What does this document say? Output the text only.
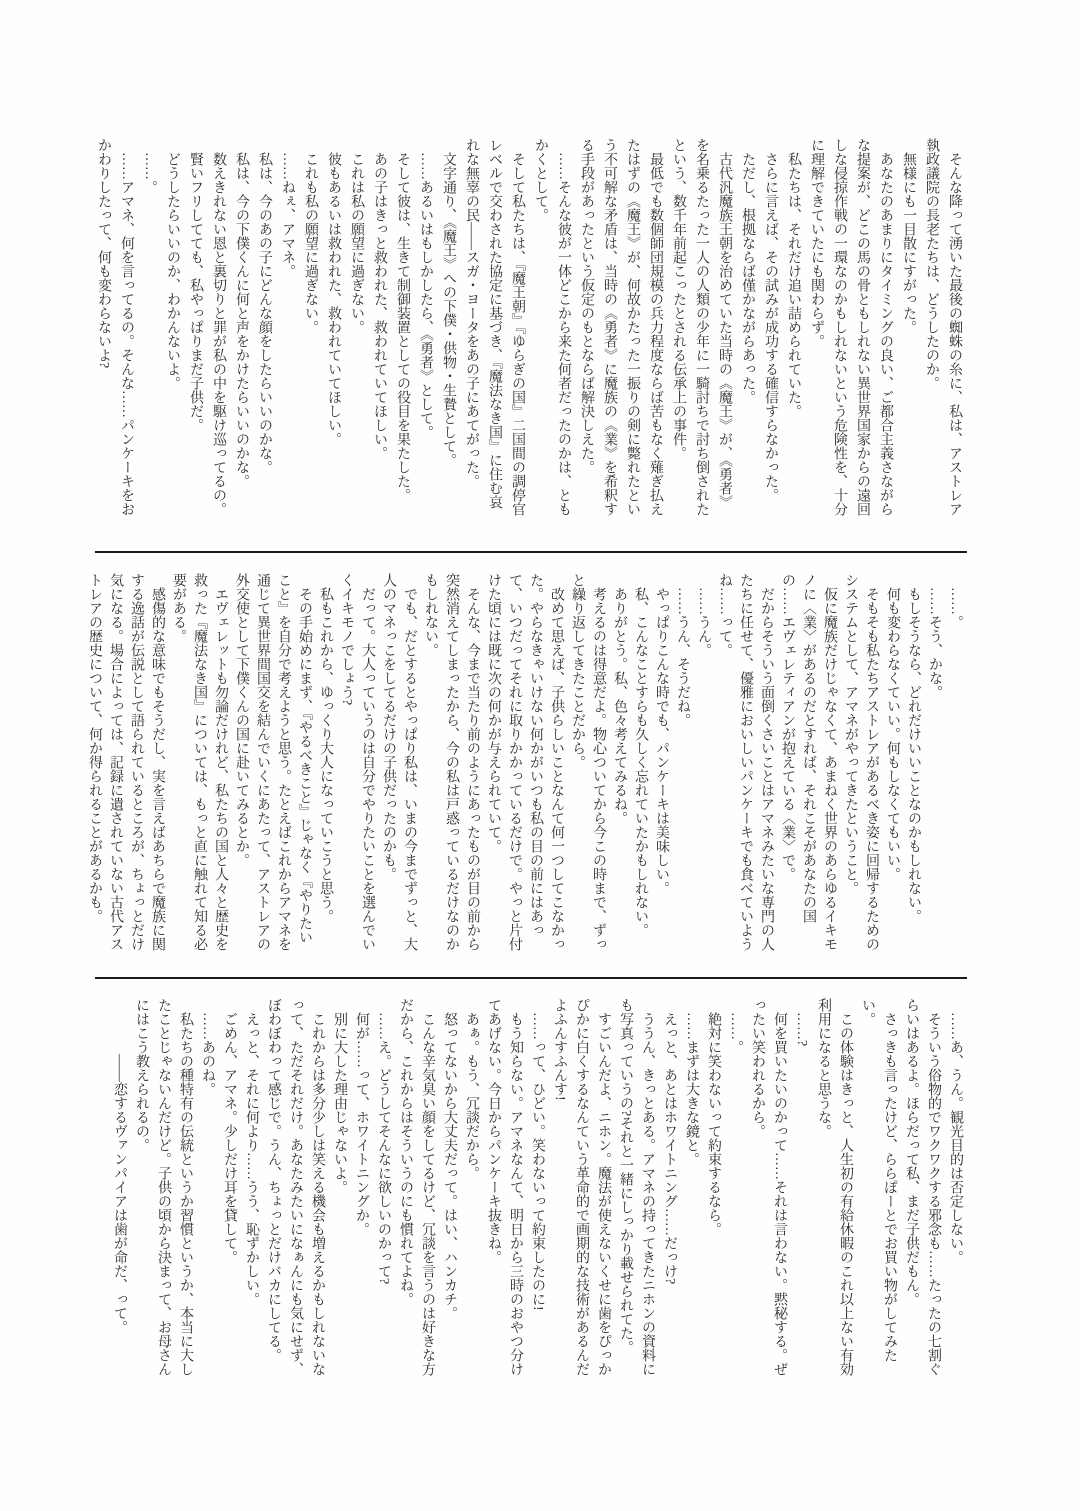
そんな降って湧いた最後の蜘蛛の糸に、私は、アストレア執政議院の長老たちは、どうしたのか。

無様にも一目散にすがった。

あなたのあまりにタイミングの良い、ご都合主義さながらな提案が、どこの馬の骨ともしれない異世界国家からの遠回しな侵掠作戦の一環なのかもしれないという危険性を、十分に理解できていたにも関わらず。

私たちは、それだけ追い詰められていた。

さらに言えば、その試みが成功する確信すらなかった。

ただし、根拠ならば僅かながらあった。

古代汎魔族王朝を治めていた当時の《魔王》が、《勇者》を名乗るたった一人の人類の少年に一騎討ちで討ち倒されたという、数千年前起こったとされる伝承上の事件。

最低でも数個師団規模の兵力程度ならば苦もなく薙ぎ払えたはずの《魔王》が、何故かたった一振りの剣に斃れたという不可解な矛盾は、当時の《勇者》に魔族の《業》を希釈する手段があったという仮定のもとならば解決しえた。

……そんな彼が一体どこから来た何者だったのかは、ともかくとして。

そして私たちは、『魔王朝』『ゆらぎの国』二国間の調停官レベルで交わされた協定に基づき、『魔法なき国』に住む哀れな無辜の民――スガ・ヨータをあの子にあてがった。

文字通り、《魔王》への下僕・供物・生贄として。

……あるいはもしかしたら、《勇者》として。

そして彼は、生きて制御装置としての役目を果たした。

あの子はきっと救われた、救われていてほしい。

これは私の願望に過ぎない。

彼もあるいは救われた、救われていてほしい。

これも私の願望に過ぎない。

……ねぇ、アマネ。

私は、今のあの子にどんな顔をしたらいいのかな。

私は、今の下僕くんに何と声をかけたらいいのかな。

数えきれない恩と裏切りと罪が私の中を駆け巡ってるの。

賢いフリしてても、私やっぱりまだ子供だ。

どうしたらいいのか、わかんないよ。

……。

……アマネ、何を言ってるの。そんな……パンケーキをおかわりしたって、何も変わらないよ?

……。

……そう、かな。

もしそうなら、どれだけいいことなのかもしれない。

何も変わらなくていい。何もしなくてもいい。

そもそも私たちアストレアがあるべき姿に回帰するためのシステムとして、アマネがやってきたということ。

仮に魔族だけじゃなくて、あまねく世界のあらゆるイキモノに〈業〉があるのだとすれば、それこそがあなたの国の……エヴェレティアンが抱えている〈業〉で。

だからそういう面倒くさいことはアマネみたいな専門の人たちに任せて、優雅においしいパンケーキでも食べていようね……って。

……うん。

……うん、そうだね。

やっぱりこんな時でも、パンケーキは美味しい。

私、こんなことすらも久しく忘れていたかもしれない。

ありがとう。私、色々考えてみるね。

考えるのは得意だよ。物心ついてから今この時まで、ずっと繰り返してきたことだから。

改めて思えば、子供らしいことなんて何一つしてこなかった。やらなきゃいけない何かがいつも私の目の前にはあって、いつだってそれに取りかかっているだけで。やっと片付けた頃には既に次の何かが与えられていて。

そんな、今まで当たり前のようにあったものが目の前から突然消えてしまったから、今の私は戸惑っているだけなのかもしれない。

でも、だとするとやっぱり私は、いまの今までずっと、大人のマネっこをしてるだけの子供だったのかも。

だって。大人っていうのは自分でやりたいことを選んでいくイキモノでしょう?

私もこれから、ゆっくり大人になっていこうと思う。

その手始めにまず、『やるべきこと』じゃなく『やりたいこと』を自分で考えようと思う。たとえばこれからアマネを通じて異世界間国交を結んでいくにあたって、アストレアの外交使として下僕くんの国に赴いてみるとか。

エヴェレットも勿論だけれど、私たちの国と人々と歴史を救った『魔法なき国』については、もっと直に触れて知る必要がある。

感傷的な意味でもそうだし、実を言えばあちらで魔族に関する逸話が伝説として語られているところが、ちょっとだけ気になる。場合によっては、記録に遺されていない古代アストレアの歴史について、何か得られることがあるかも。

……あ、うん。観光目的は否定しない。

そういう俗物的でワクワクする邪念も……たったの七割ぐらいはあるよ。ほらだって私、まだ子供だもん。

さっきも言ったけど、ららぽーとでお買い物がしてみたい。

この体験はきっと、人生初の有給休暇のこれ以上ない有効利用になると思うな。

……?

何を買いたいのかって……それは言わない。黙秘する。ぜったい笑われるから。

……。

絶対に笑わないって約束するなら。

……まずは大きな鏡と。

えっと、あとはホワイトニング……だっけ?

ううん、きっとある。アマネの持ってきたニホンの資料にも写真っていうの?それと一緒にしっかり載せられてた。

すごいんだよ、ニホン。魔法が使えないくせに歯をぴっかぴかに白くするなんていう革命的で画期的な技術があるんだよふんすふんす!

……って、ひどい。笑わないって約束したのに!

もう知らない。アマネなんて、明日から三時のおやつ分けてあげない。今日からパンケーキ抜きね。

あぁ。もう、冗談だから。

怒ってないから大丈夫だって。はい、ハンカチ。

こんな辛気臭い顔をしてるけど、冗談を言うのは好きな方だから、これからはそういうのにも慣れてよね。

……え。どうしてそんなに欲しいのかって?

何が……って、ホワイトニングか。

別に大した理由じゃないよ。

これからは多分少しは笑える機会も増えるかもしれないなって、ただそれだけ。あなたみたいになぁんにも気にせず、ぼわぼわって感じで。うん、ちょっとだけバカにしてる。

えっと、それに何より……うう、恥ずかしい。

ごめん、アマネ。少しだけ耳を貸して。

……あのね。

私たちの種特有の伝統というか習慣というか、本当に大したことじゃないんだけど。子供の頃から決まって、お母さんにはこう教えられるの。

――恋するヴァンパイアは歯が命だ、って。
